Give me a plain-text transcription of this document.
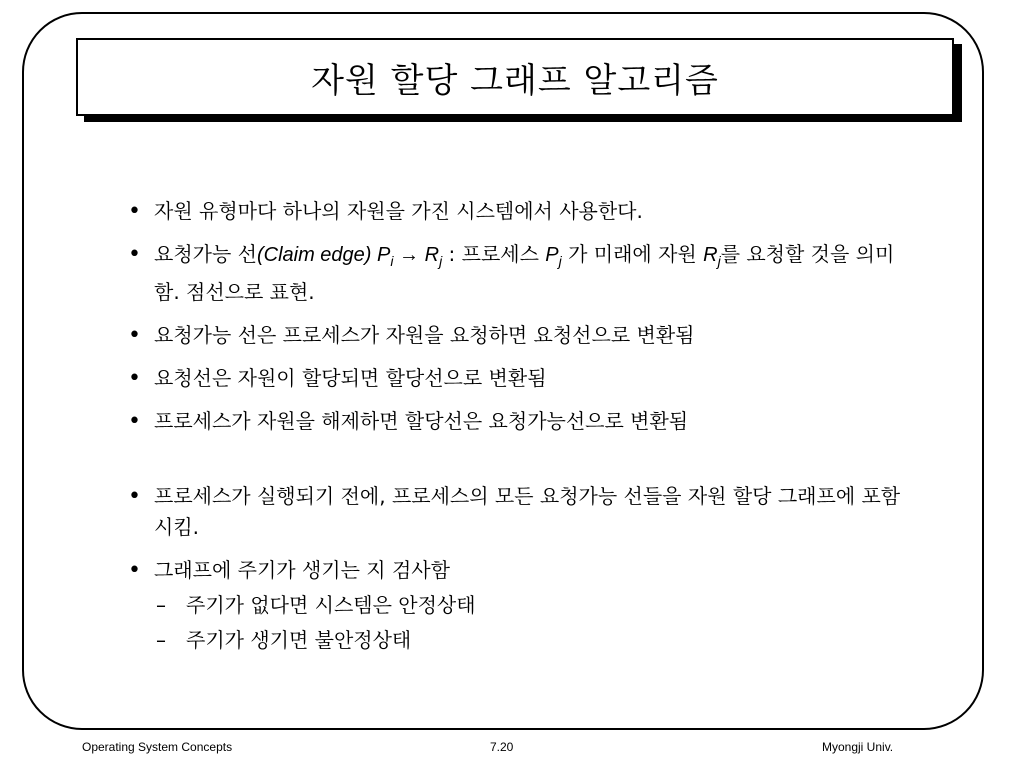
자원 할당 그래프 알고리즘
• 자원 유형마다 하나의 자원을 가진 시스템에서 사용한다.
• 요청가능 선(Claim edge) $P_i \to R_j$ : 프로세스 $P_j$ 가 미래에 자원 $R_j$를 요청할 것을 의미함. 점선으로 표현.
• 요청가능 선은 프로세스가 자원을 요청하면 요청선으로 변환됨
• 요청선은 자원이 할당되면 할당선으로 변환됨
• 프로세스가 자원을 해제하면 할당선은 요청가능선으로 변환됨
• 프로세스가 실행되기 전에, 프로세스의 모든 요청가능 선들을 자원 할당 그래프에 포함시킴.
• 그래프에 주기가 생기는 지 검사함
– 주기가 없다면 시스템은 안정상태
– 주기가 생기면 불안정상태
Operating System Concepts	7.20	Myongji Univ.
